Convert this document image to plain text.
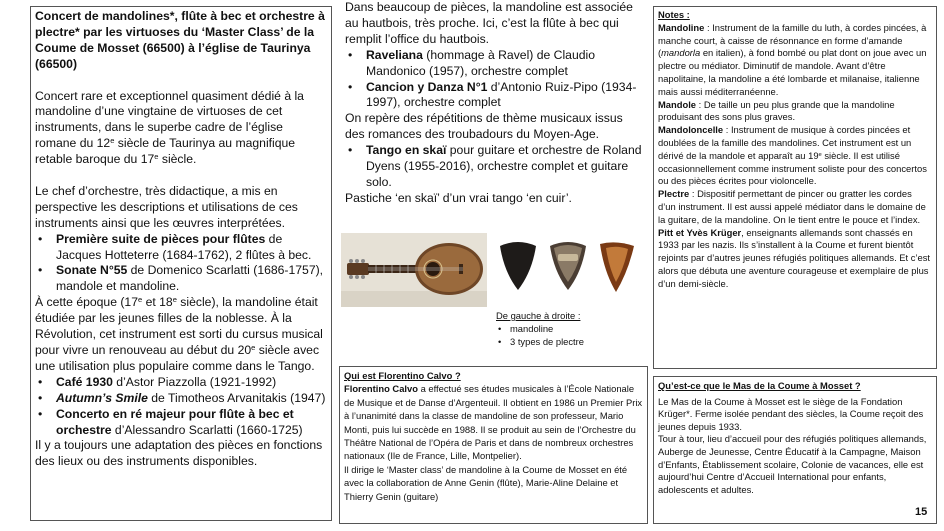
Concert de mandolines*, flûte à bec et orchestre à plectre* par les virtuoses du ‘Master Class’ de la Coume de Mosset (66500) à l’église de Taurinya (66500)

Concert rare et exceptionnel quasiment dédié à la mandoline d’une vingtaine de virtuoses de cet instruments, dans le superbe cadre de l’église romane du 12e siècle de Taurinya au magnifique retable baroque du 17e siècle.

Le chef d’orchestre, très didactique, a mis en perspective les descriptions et utilisations de ces instruments ainsi que les œuvres interprétées.

• Première suite de pièces pour flûtes de Jacques Hotteterre (1684-1762), 2 flûtes à bec.
• Sonate N°55 de Domenico Scarlatti (1686-1757), mandole et mandoline.

À cette époque (17e et 18e siècle), la mandoline était étudiée par les jeunes filles de la noblesse. À la Révolution, cet instrument est sorti du cursus musical pour vivre un renouveau au début du 20e siècle avec une utilisation plus populaire comme dans le Tango.

• Café 1930 d’Astor Piazzolla (1921-1992)
• Autumn’s Smile de Timotheos Arvanitakis (1947)
• Concerto en ré majeur pour flûte à bec et orchestre d’Alessandro Scarlatti (1660-1725)

Il y a toujours une adaptation des pièces en fonctions des lieux ou des instruments disponibles.

Dans beaucoup de pièces, la mandoline est associée au hautbois, très proche. Ici, c’est la flûte à bec qui remplit l’office du hautbois.

• Raveliana (hommage à Ravel) de Claudio Mandonico (1957), orchestre complet
• Cancion y Danza N°1 d’Antonio Ruiz-Pipo (1934-1997), orchestre complet

On repère des répétitions de thème musicaux issus des romances des troubadours du Moyen-Age.

• Tango en skaï pour guitare et orchestre de Roland Dyens (1955-2016), orchestre complet et guitare solo.

Pastiche ‘en skaï’ d’un vrai tango ‘en cuir’.

De gauche à droite :

• mandoline
• 3 types de plectre

Qui est Florentino Calvo ?

Florentino Calvo a effectué ses études musicales à l’École Nationale de Musique et de Danse d’Argenteuil. Il obtient en 1986 un Premier Prix à l’unanimité dans la classe de mandoline de son professeur, Mario Monti, puis lui succède en 1988. Il se produit au sein de l’Orchestre du Théâtre National de l’Opéra de Paris et dans de nombreux orchestres nationaux (Ile de France, Lille, Montpelier).

Il dirige le ‘Master class’ de mandoline à la Coume de Mosset en été avec la collaboration de Anne Genin (flûte), Marie-Aline Delaine et Thierry Genin (guitare)

Notes :

Mandoline : Instrument de la famille du luth, à cordes pincées, à manche court, à caisse de résonnance en forme d’amande (mandorla en italien), à fond bombé ou plat dont on joue avec un plectre ou médiator. Diminutif de mandole. Avant d’être napolitaine, la mandoline a été lombarde et milanaise, italienne mais aussi méditerranéenne.

Mandole : De taille un peu plus grande que la mandoline produisant des sons plus graves.

Mandoloncelle : Instrument de musique à cordes pincées et doublées de la famille des mandolines. Cet instrument est un dérivé de la mandole et apparaît au 19e siècle. Il est utilisé occasionnellement comme instrument soliste pour des concertos ou des pièces écrites pour violoncelle.

Plectre : Dispositif permettant de pincer ou gratter les cordes d’un instrument. Il est aussi appelé médiator dans le domaine de la guitare, de la mandoline. On le tient entre le pouce et l’index.

Pitt et Yvès Krüger, enseignants allemands sont chassés en 1933 par les nazis. Ils s’installent à la Coume et furent bientôt rejoints par d’autres jeunes réfugiés politiques allemands. Et c’est alors que débuta une aventure courageuse et exemplaire de plus d’un demi-siècle.

Qu’est-ce que le Mas de la Coume à Mosset ?

Le Mas de la Coume à Mosset est le siège de la Fondation Krüger*. Ferme isolée pendant des siècles, la Coume reçoit des jeunes depuis 1933.

Tour à tour, lieu d’accueil pour des réfugiés politiques allemands, Auberge de Jeunesse, Centre Éducatif à la Campagne, Maison d’Enfants, Établissement scolaire, Colonie de vacances, elle est aujourd’hui Centre d’Accueil International pour enfants, adolescents et adultes.

15
